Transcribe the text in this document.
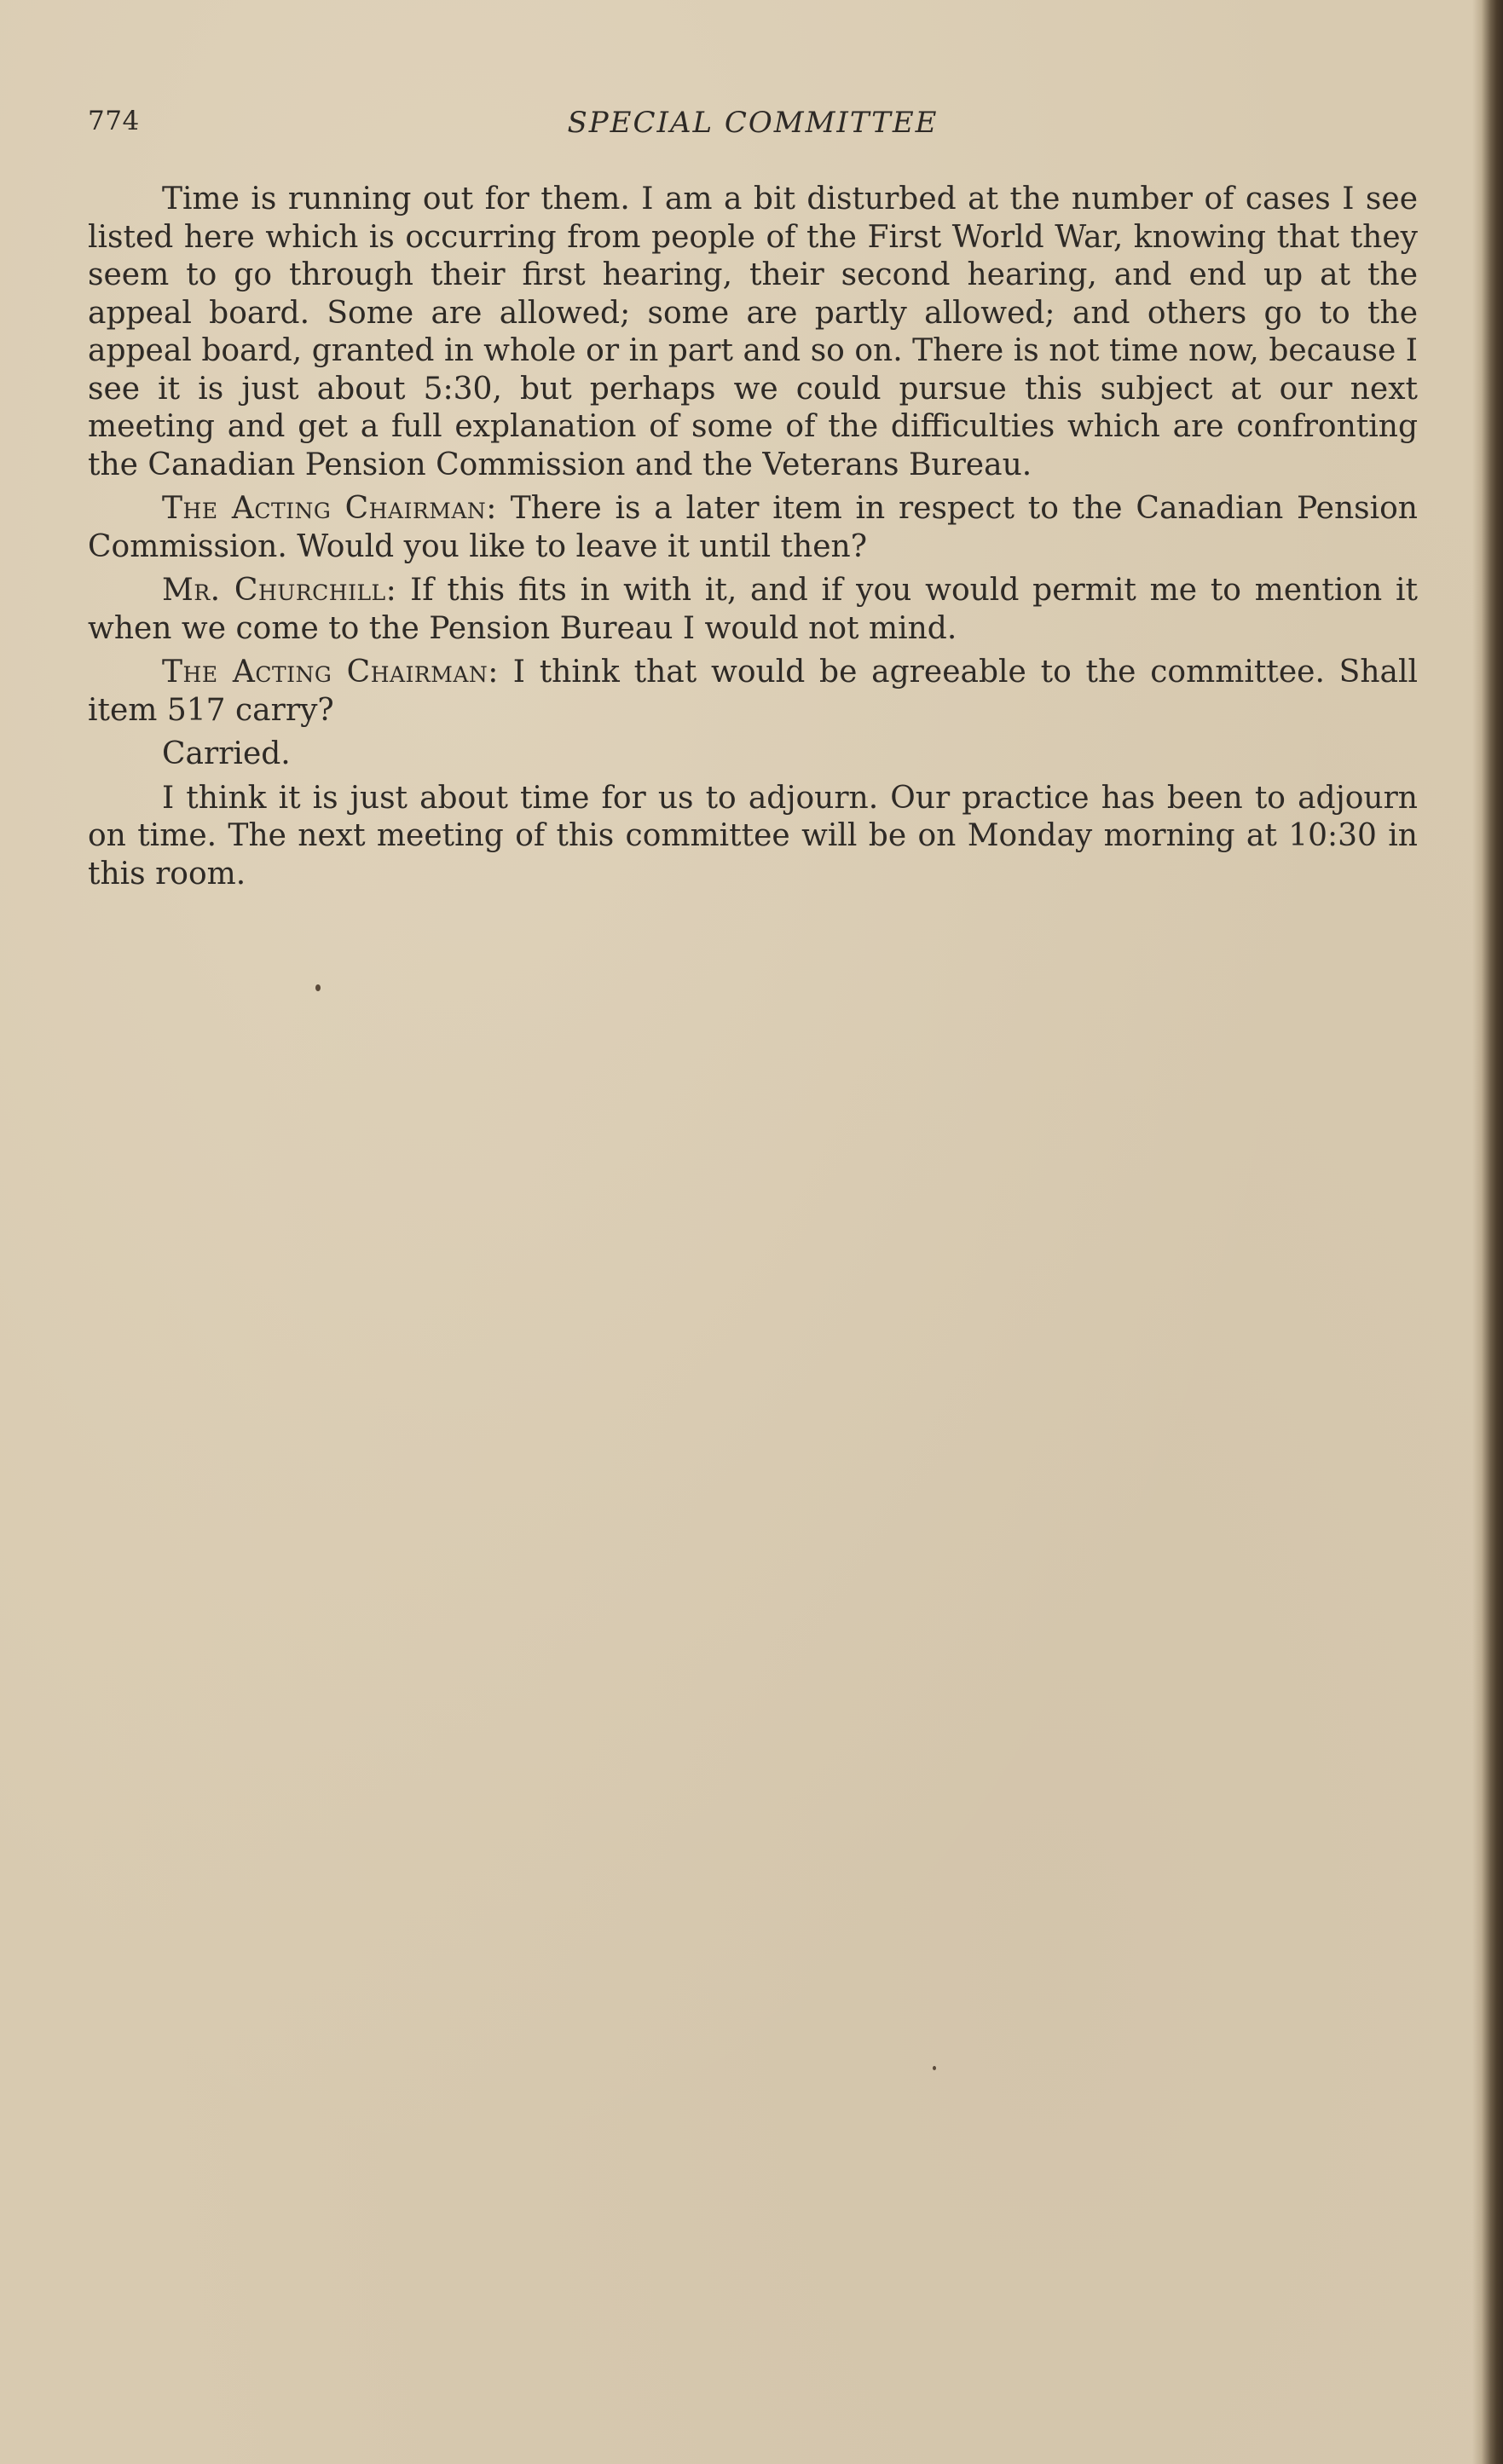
774	SPECIAL COMMITTEE

Time is running out for them. I am a bit disturbed at the number of cases I see listed here which is occurring from people of the First World War, knowing that they seem to go through their first hearing, their second hearing, and end up at the appeal board. Some are allowed; some are partly allowed; and others go to the appeal board, granted in whole or in part and so on. There is not time now, because I see it is just about 5:30, but perhaps we could pursue this subject at our next meeting and get a full explanation of some of the difficulties which are confronting the Canadian Pension Commission and the Veterans Bureau.

The Acting Chairman: There is a later item in respect to the Canadian Pension Commission. Would you like to leave it until then?

Mr. Churchill: If this fits in with it, and if you would permit me to mention it when we come to the Pension Bureau I would not mind.

The Acting Chairman: I think that would be agreeable to the committee. Shall item 517 carry?

Carried.

I think it is just about time for us to adjourn. Our practice has been to adjourn on time. The next meeting of this committee will be on Monday morning at 10:30 in this room.
